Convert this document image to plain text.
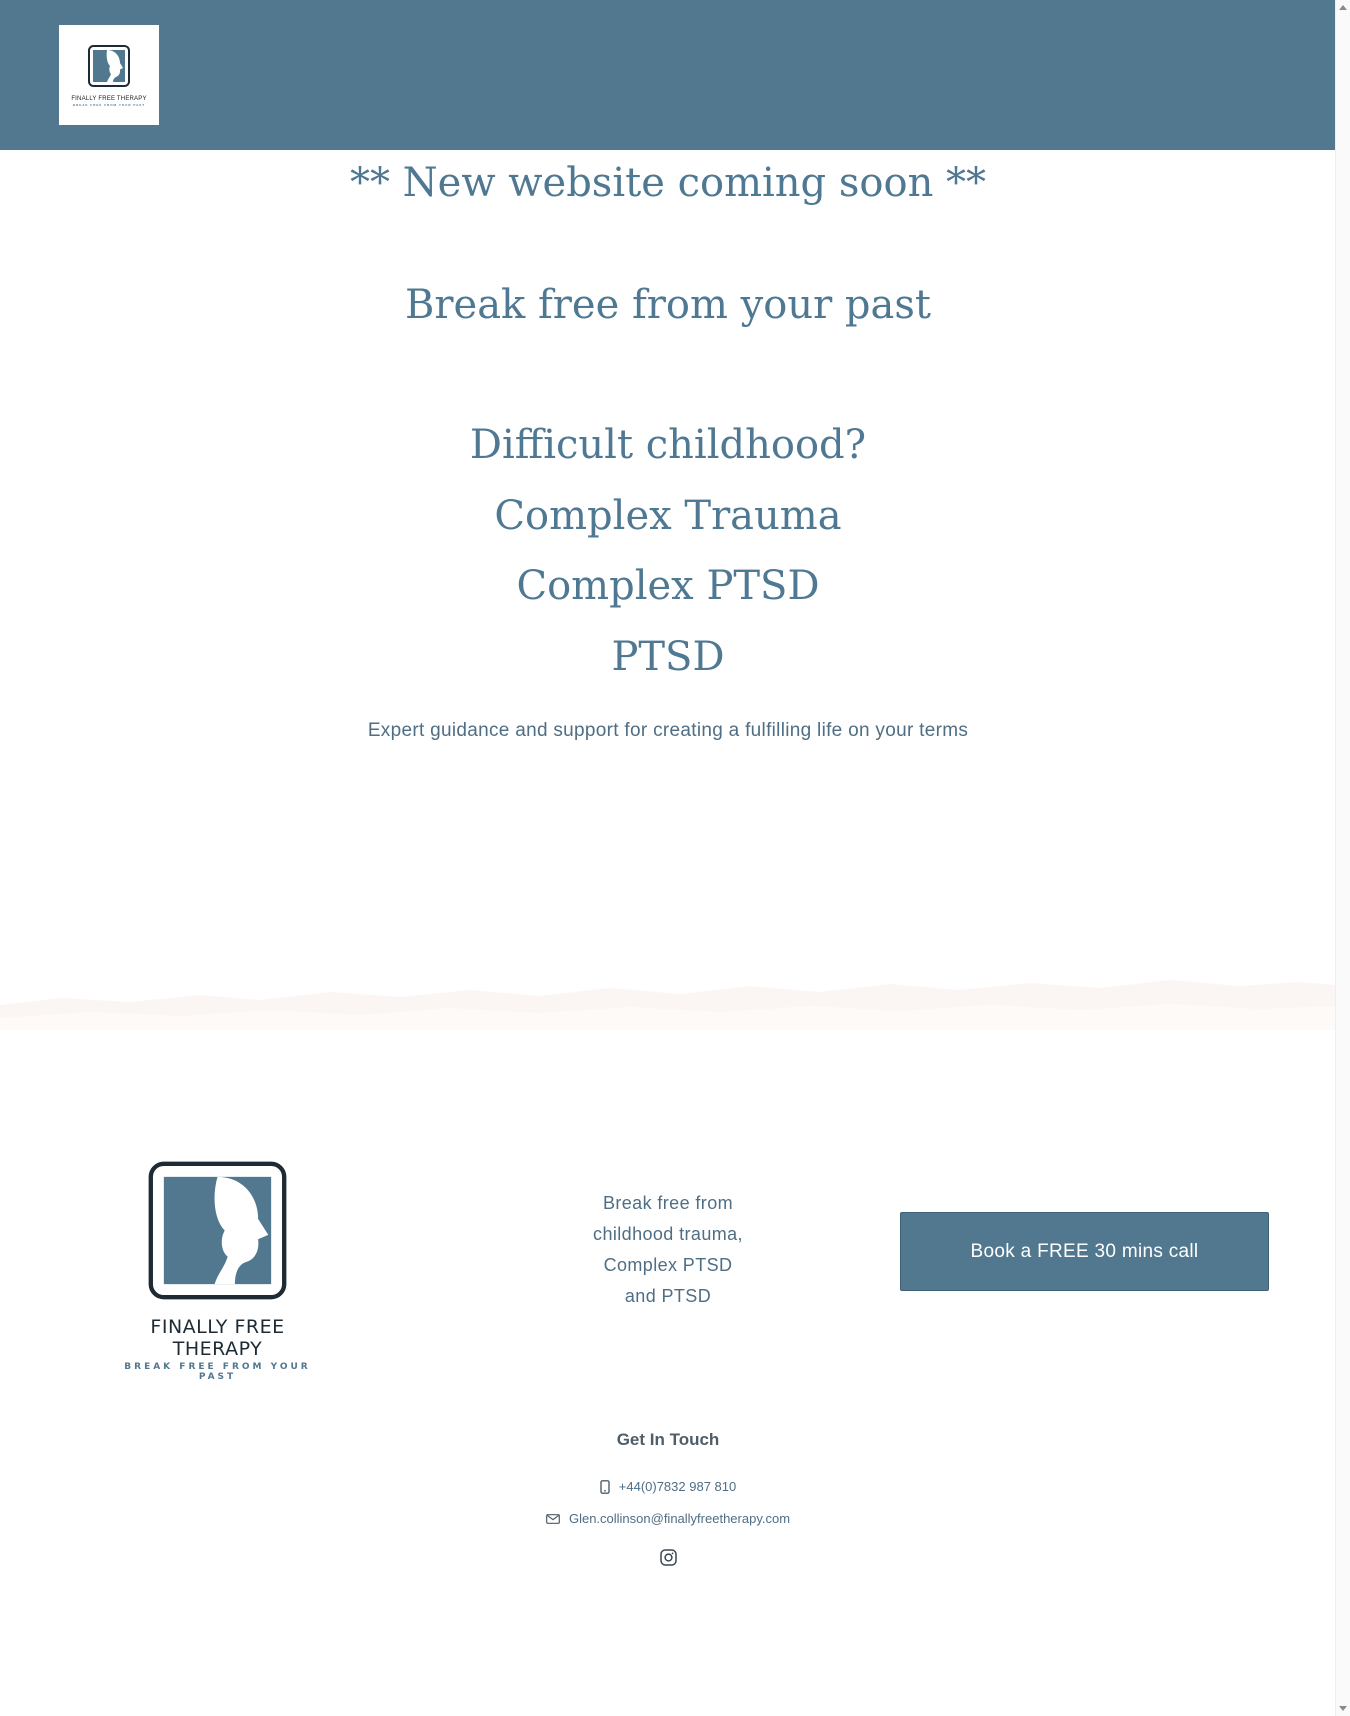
FINALLY FREE THERAPY
BREAK FREE FROM YOUR PAST
** New website coming soon **
Break free from your past
Difficult childhood?
Complex Trauma
Complex PTSD
PTSD

Expert guidance and support for creating a fulfilling life on your terms

FINALLY FREE THERAPY
BREAK FREE FROM YOUR PAST
Break free from
childhood trauma,
Complex PTSD
and PTSD
Book a FREE 30 mins call
Get In Touch
+44(0)7832 987 810
Glen.collinson@finallyfreetherapy.com
